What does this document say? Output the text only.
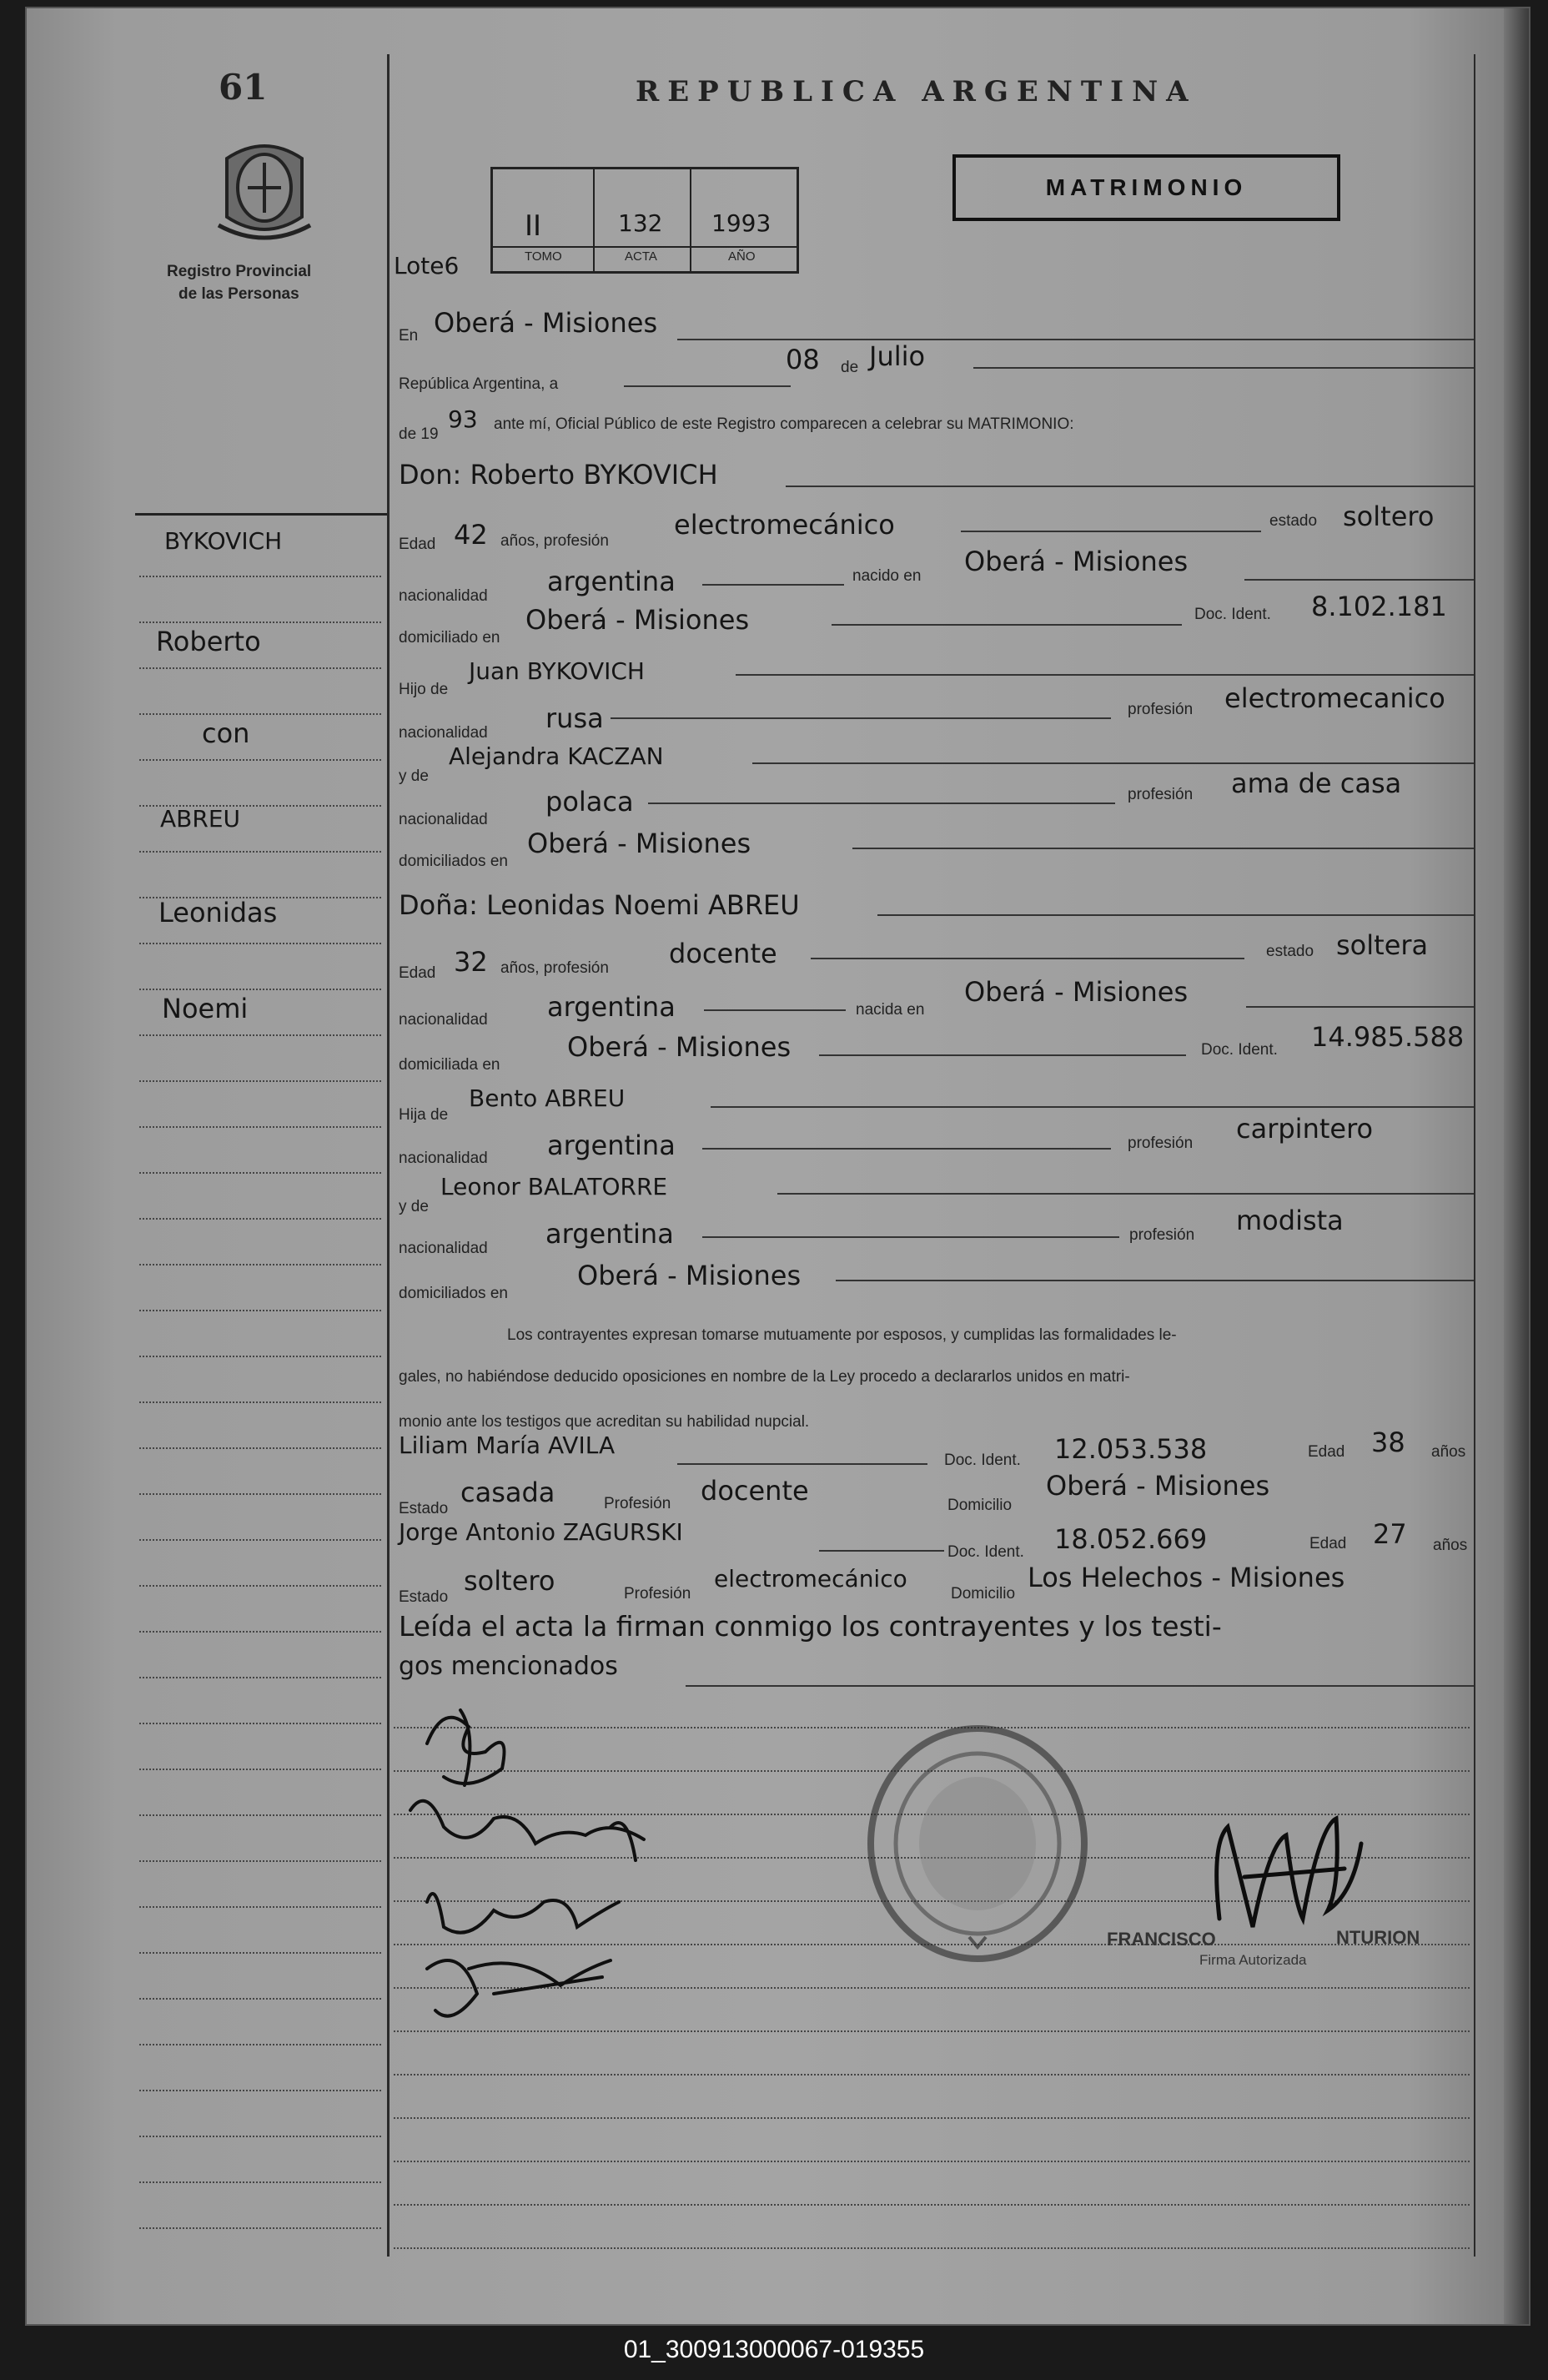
61
Registro Provincial
de las Personas
REPUBLICA ARGENTINA
MATRIMONIO
Lote6
II	132 1993
TOMO	ACTA	AÑO
BYKOVICH
Roberto
con
ABREU
Leonidas
Noemi
En Oberá - Misiones
República Argentina, a
08 de Julio
de 19
93 ante mí, Oficial Público de este Registro comparecen a celebrar su MATRIMONIO:
Don: Roberto BYKOVICH
Edad 42 años, profesión
electromecánico	estado soltero
nacionalidad argentina	nacido en Oberá - Misiones
domiciliado en
Oberá - Misiones	Doc. Ident. 8.102.181
Hijo de
Juan BYKOVICH
nacionalidad rusa	profesión electromecanico
y de
Alejandra KACZAN
nacionalidad
polaca	profesión ama de casa
domiciliados en
Oberá - Misiones
Doña: Leonidas Noemi ABREU
Edad 32 años, profesión docente	estado soltera
nacionalidad argentina	nacida en
Oberá - Misiones
domiciliada en
Oberá - Misiones	Doc. Ident. 14.985.588
Hija de
Bento ABREU
nacionalidad argentina	profesión carpintero
y de
Leonor BALATORRE
nacionalidad argentina	profesión modista
domiciliados en
Oberá - Misiones
Los contrayentes expresan tomarse mutuamente por esposos, y cumplidas las formalidades le-
gales, no habiéndose deducido oposiciones en nombre de la Ley procedo a declararlos unidos en matri-
monio ante los testigos que acreditan su habilidad nupcial.
Liliam María AVILA
Doc. Ident. 12.053.538	Edad 38 años
Estado
casada	Profesión docente	Domicilio
Oberá - Misiones
Jorge Antonio ZAGURSKI
Doc. Ident. 18.052.669	Edad 27 años
Estado
soltero	Profesión
electromecánico
Domicilio
Los Helechos - Misiones
Leída el acta la firman conmigo los contrayentes y los testi-
gos mencionados
FRANCISCO	NTURION
Firma Autorizada
01_300913000067-019355
